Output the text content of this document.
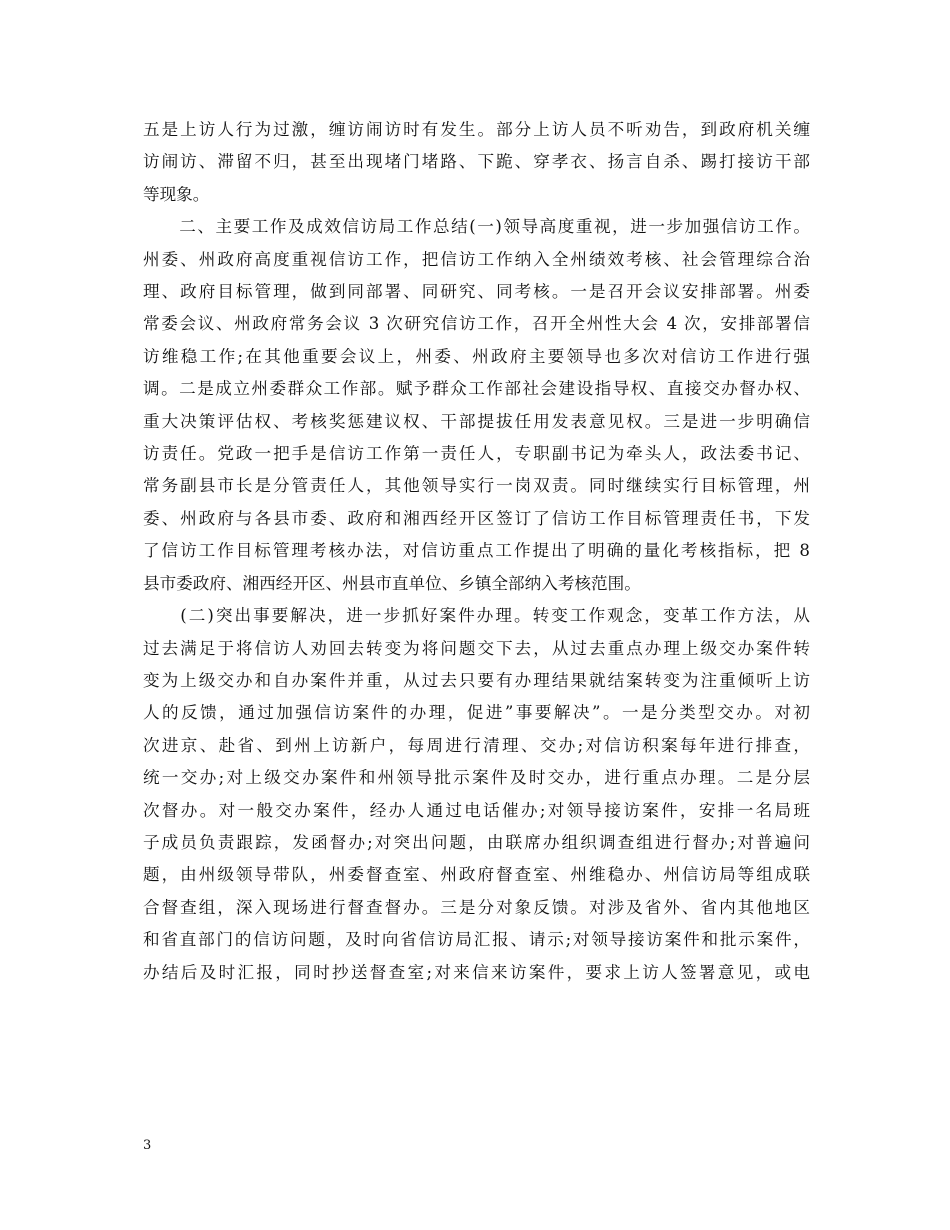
五是上访人行为过激，缠访闹访时有发生。部分上访人员不听劝告，到政府机关缠
访闹访、滞留不归，甚至出现堵门堵路、下跪、穿孝衣、扬言自杀、踢打接访干部
等现象。

　　二、主要工作及成效信访局工作总结(一)领导高度重视，进一步加强信访工作。
州委、州政府高度重视信访工作，把信访工作纳入全州绩效考核、社会管理综合治
理、政府目标管理，做到同部署、同研究、同考核。一是召开会议安排部署。州委
常委会议、州政府常务会议 3 次研究信访工作，召开全州性大会 4 次，安排部署信
访维稳工作;在其他重要会议上，州委、州政府主要领导也多次对信访工作进行强
调。二是成立州委群众工作部。赋予群众工作部社会建设指导权、直接交办督办权、
重大决策评估权、考核奖惩建议权、干部提拔任用发表意见权。三是进一步明确信
访责任。党政一把手是信访工作第一责任人，专职副书记为牵头人，政法委书记、
常务副县市长是分管责任人，其他领导实行一岗双责。同时继续实行目标管理，州
委、州政府与各县市委、政府和湘西经开区签订了信访工作目标管理责任书，下发
了信访工作目标管理考核办法，对信访重点工作提出了明确的量化考核指标，把 8
县市委政府、湘西经开区、州县市直单位、乡镇全部纳入考核范围。

　　(二)突出事要解决，进一步抓好案件办理。转变工作观念，变革工作方法，从
过去满足于将信访人劝回去转变为将问题交下去，从过去重点办理上级交办案件转
变为上级交办和自办案件并重，从过去只要有办理结果就结案转变为注重倾听上访
人的反馈，通过加强信访案件的办理，促进”事要解决”。一是分类型交办。对初
次进京、赴省、到州上访新户，每周进行清理、交办;对信访积案每年进行排查，
统一交办;对上级交办案件和州领导批示案件及时交办，进行重点办理。二是分层
次督办。对一般交办案件，经办人通过电话催办;对领导接访案件，安排一名局班
子成员负责跟踪，发函督办;对突出问题，由联席办组织调查组进行督办;对普遍问
题，由州级领导带队，州委督查室、州政府督查室、州维稳办、州信访局等组成联
合督查组，深入现场进行督查督办。三是分对象反馈。对涉及省外、省内其他地区
和省直部门的信访问题，及时向省信访局汇报、请示;对领导接访案件和批示案件，
办结后及时汇报，同时抄送督查室;对来信来访案件，要求上访人签署意见，或电

3
